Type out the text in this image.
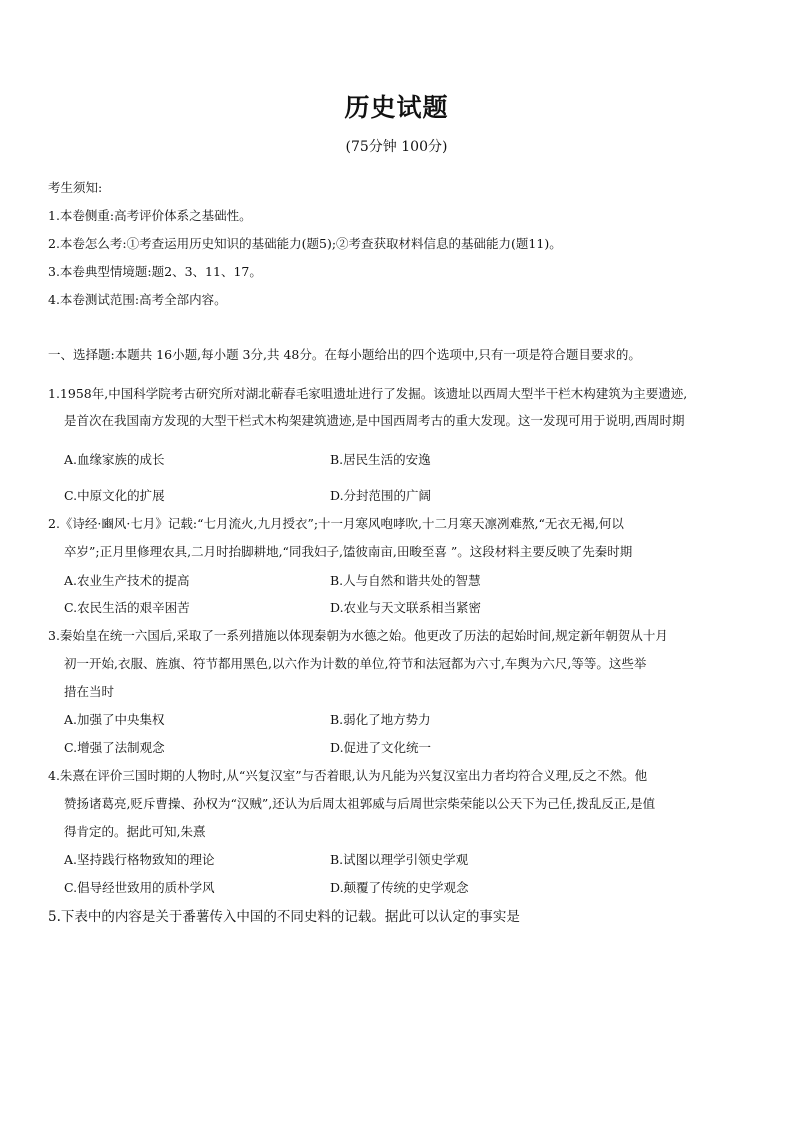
历史试题
(75分钟 100分)
考生须知:
1.本卷侧重:高考评价体系之基础性。
2.本卷怎么考:①考查运用历史知识的基础能力(题5);②考查获取材料信息的基础能力(题11)。
3.本卷典型情境题:题2、3、11、17。
4.本卷测试范围:高考全部内容。
一、选择题:本题共 16小题,每小题 3分,共 48分。在每小题给出的四个选项中,只有一项是符合题目要求的。
1.1958年,中国科学院考古研究所对湖北蕲春毛家咀遗址进行了发掘。该遗址以西周大型半干栏木构建筑为主要遗迹,
是首次在我国南方发现的大型干栏式木构架建筑遗迹,是中国西周考古的重大发现。这一发现可用于说明,西周时期
A.血缘家族的成长	B.居民生活的安逸
C.中原文化的扩展	D.分封范围的广阔
2.《诗经·豳风·七月》记载:“七月流火,九月授衣”;十一月寒风咆哮吹,十二月寒天凛冽难熬,“无衣无褐,何以
卒岁”;正月里修理农具,二月时抬脚耕地,“同我妇子,馌彼南亩,田畯至喜 ”。这段材料主要反映了先秦时期
A.农业生产技术的提高	B.人与自然和谐共处的智慧
C.农民生活的艰辛困苦	D.农业与天文联系相当紧密
3.秦始皇在统一六国后,采取了一系列措施以体现秦朝为水德之始。他更改了历法的起始时间,规定新年朝贺从十月
初一开始,衣服、旌旗、符节都用黑色,以六作为计数的单位,符节和法冠都为六寸,车舆为六尺,等等。这些举
措在当时
A.加强了中央集权	B.弱化了地方势力
C.增强了法制观念	D.促进了文化统一
4.朱熹在评价三国时期的人物时,从“兴复汉室”与否着眼,认为凡能为兴复汉室出力者均符合义理,反之不然。他
赞扬诸葛亮,贬斥曹操、孙权为“汉贼”,还认为后周太祖郭威与后周世宗柴荣能以公天下为己任,拨乱反正,是值
得肯定的。据此可知,朱熹
A.坚持践行格物致知的理论	B.试图以理学引领史学观
C.倡导经世致用的质朴学风	D.颠覆了传统的史学观念
5.下表中的内容是关于番薯传入中国的不同史料的记载。据此可以认定的事实是
